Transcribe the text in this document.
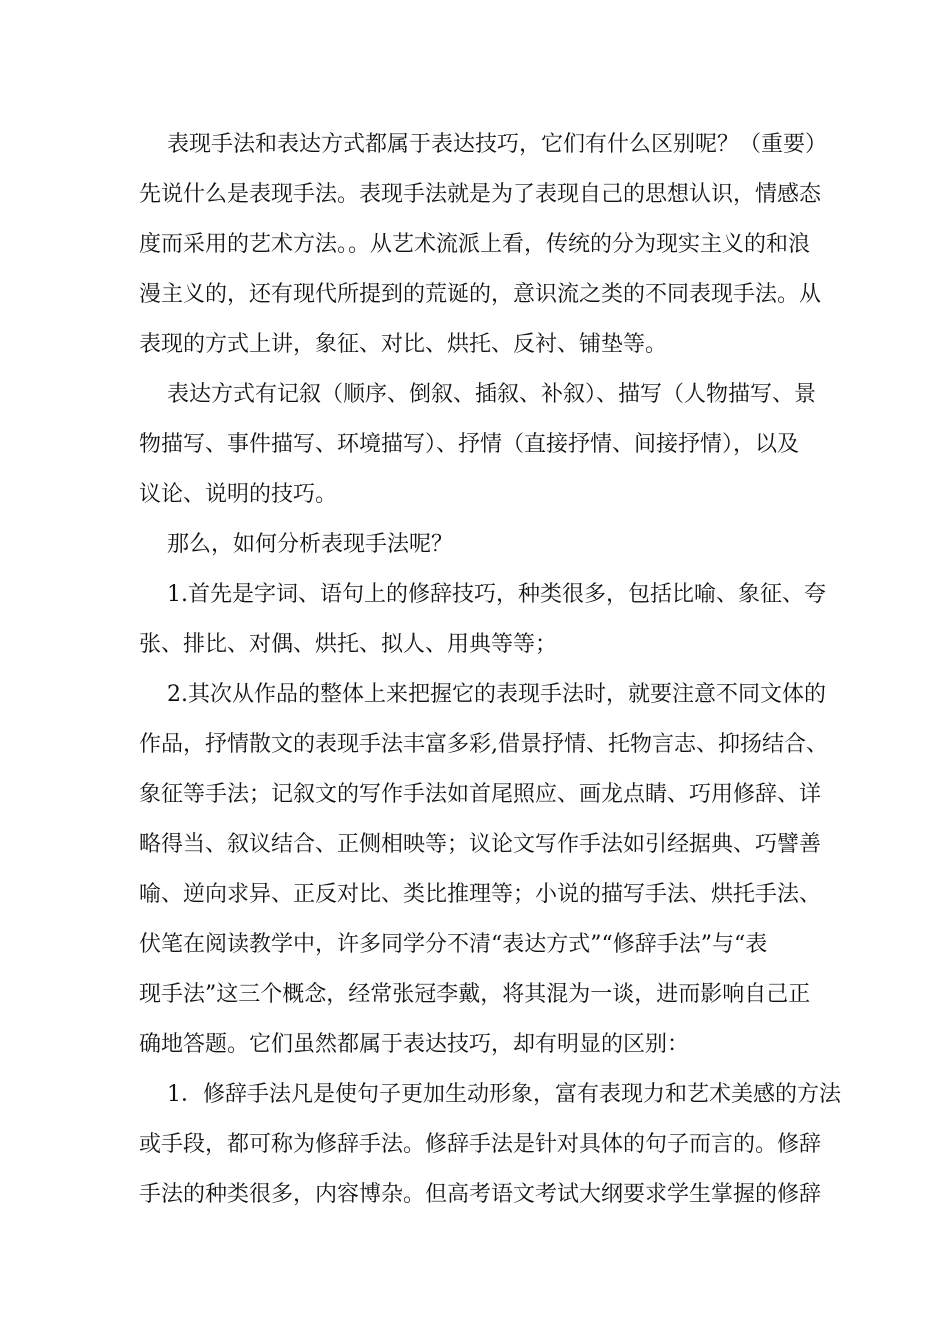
表现手法和表达方式都属于表达技巧，它们有什么区别呢？（重要）
先说什么是表现手法。表现手法就是为了表现自己的思想认识，情感态
度而采用的艺术方法。。从艺术流派上看，传统的分为现实主义的和浪
漫主义的，还有现代所提到的荒诞的，意识流之类的不同表现手法。从
表现的方式上讲，象征、对比、烘托、反衬、铺垫等。
表达方式有记叙（顺序、倒叙、插叙、补叙）、描写（人物描写、景
物描写、事件描写、环境描写）、抒情（直接抒情、间接抒情），以及
议论、说明的技巧。
那么，如何分析表现手法呢？
1.首先是字词、语句上的修辞技巧，种类很多，包括比喻、象征、夸
张、排比、对偶、烘托、拟人、用典等等；
2.其次从作品的整体上来把握它的表现手法时，就要注意不同文体的
作品，抒情散文的表现手法丰富多彩,借景抒情、托物言志、抑扬结合、
象征等手法；记叙文的写作手法如首尾照应、画龙点睛、巧用修辞、详
略得当、叙议结合、正侧相映等；议论文写作手法如引经据典、巧譬善
喻、逆向求异、正反对比、类比推理等；小说的描写手法、烘托手法、
伏笔在阅读教学中，许多同学分不清“表达方式”“修辞手法”与“表
现手法”这三个概念，经常张冠李戴，将其混为一谈，进而影响自己正
确地答题。它们虽然都属于表达技巧，却有明显的区别：
1．修辞手法凡是使句子更加生动形象，富有表现力和艺术美感的方法
或手段，都可称为修辞手法。修辞手法是针对具体的句子而言的。修辞
手法的种类很多，内容博杂。但高考语文考试大纲要求学生掌握的修辞
